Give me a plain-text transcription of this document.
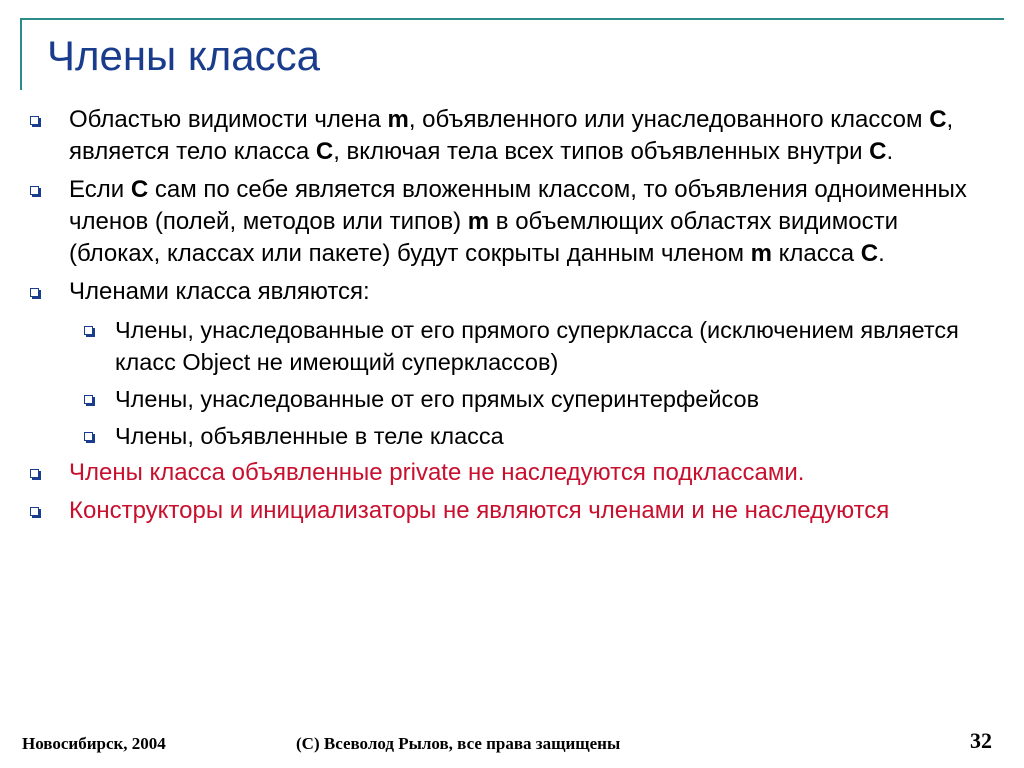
Члены класса
Областью видимости члена m, объявленного или унаследованного классом C, является тело класса C, включая тела всех типов объявленных внутри C.
Если C сам по себе является вложенным классом, то объявления одноименных членов (полей, методов или типов) m в объемлющих областях видимости (блоках, классах или пакете) будут сокрыты данным членом m класса C.
Членами класса являются:
Члены, унаследованные от его прямого суперкласса (исключением является класс Object не имеющий суперклассов)
Члены, унаследованные от его прямых суперинтерфейсов
Члены, объявленные в теле класса
Члены класса объявленные private не наследуются подклассами.
Конструкторы и инициализаторы не являются членами и не наследуются
Новосибирск, 2004	(C) Всеволод Рылов, все права защищены	32
